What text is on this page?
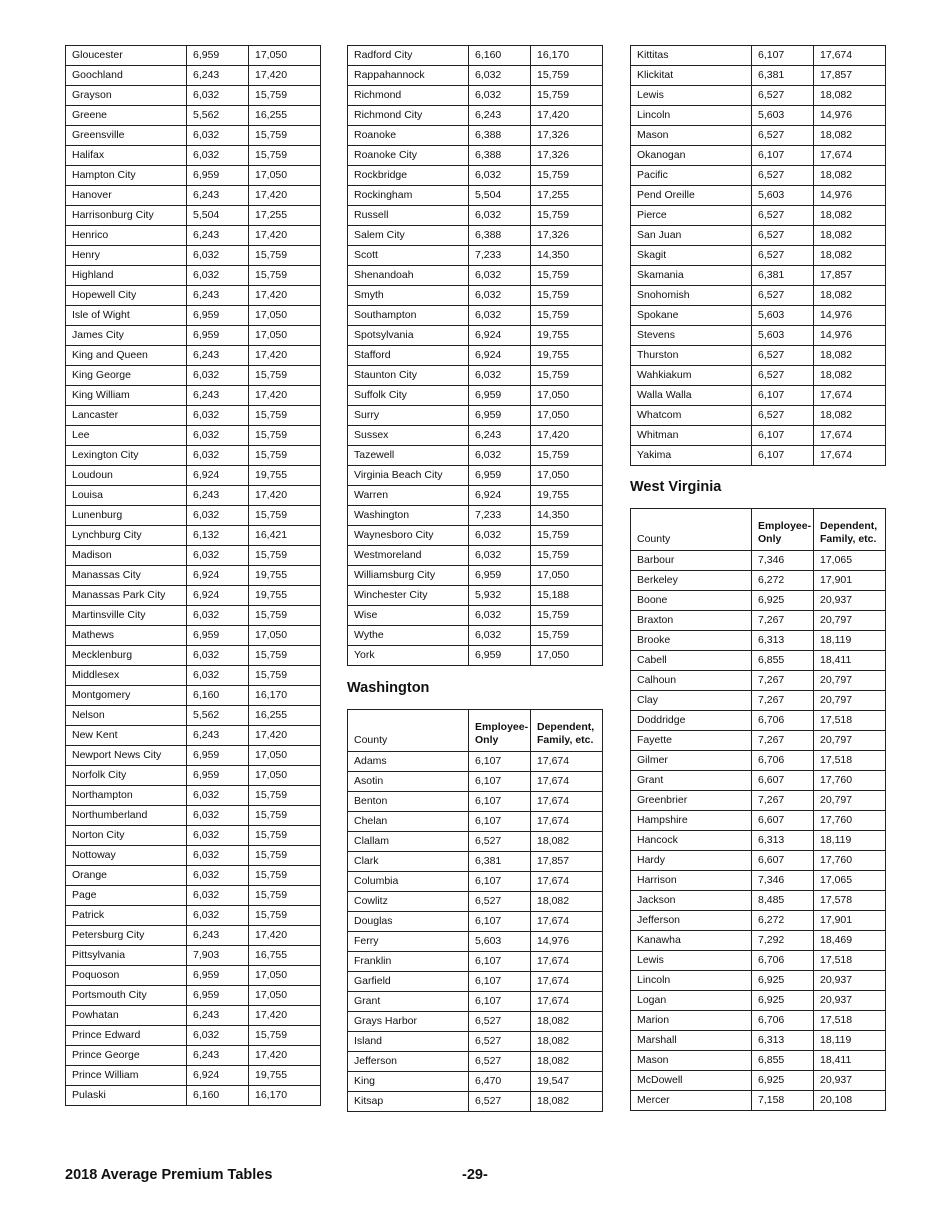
Gloucester	6,959	17,050
Goochland	6,243	17,420
Grayson	6,032	15,759
Greene	5,562	16,255
Greensville	6,032	15,759
Halifax	6,032	15,759
Hampton City	6,959	17,050
Hanover	6,243	17,420
Harrisonburg City	5,504	17,255
Henrico	6,243	17,420
Henry	6,032	15,759
Highland	6,032	15,759
Hopewell City	6,243	17,420
Isle of Wight	6,959	17,050
James City	6,959	17,050
King and Queen	6,243	17,420
King George	6,032	15,759
King William	6,243	17,420
Lancaster	6,032	15,759
Lee	6,032	15,759
Lexington City	6,032	15,759
Loudoun	6,924	19,755
Louisa	6,243	17,420
Lunenburg	6,032	15,759
Lynchburg City	6,132	16,421
Madison	6,032	15,759
Manassas City	6,924	19,755
Manassas Park City	6,924	19,755
Martinsville City	6,032	15,759
Mathews	6,959	17,050
Mecklenburg	6,032	15,759
Middlesex	6,032	15,759
Montgomery	6,160	16,170
Nelson	5,562	16,255
New Kent	6,243	17,420
Newport News City	6,959	17,050
Norfolk City	6,959	17,050
Northampton	6,032	15,759
Northumberland	6,032	15,759
Norton City	6,032	15,759
Nottoway	6,032	15,759
Orange	6,032	15,759
Page	6,032	15,759
Patrick	6,032	15,759
Petersburg City	6,243	17,420
Pittsylvania	7,903	16,755
Poquoson	6,959	17,050
Portsmouth City	6,959	17,050
Powhatan	6,243	17,420
Prince Edward	6,032	15,759
Prince George	6,243	17,420
Prince William	6,924	19,755
Pulaski	6,160	16,170
Radford City	6,160	16,170
Rappahannock	6,032	15,759
Richmond	6,032	15,759
Richmond City	6,243	17,420
Roanoke	6,388	17,326
Roanoke City	6,388	17,326
Rockbridge	6,032	15,759
Rockingham	5,504	17,255
Russell	6,032	15,759
Salem City	6,388	17,326
Scott	7,233	14,350
Shenandoah	6,032	15,759
Smyth	6,032	15,759
Southampton	6,032	15,759
Spotsylvania	6,924	19,755
Stafford	6,924	19,755
Staunton City	6,032	15,759
Suffolk City	6,959	17,050
Surry	6,959	17,050
Sussex	6,243	17,420
Tazewell	6,032	15,759
Virginia Beach City	6,959	17,050
Warren	6,924	19,755
Washington	7,233	14,350
Waynesboro City	6,032	15,759
Westmoreland	6,032	15,759
Williamsburg City	6,959	17,050
Winchester City	5,932	15,188
Wise	6,032	15,759
Wythe	6,032	15,759
York	6,959	17,050
Washington
County	Employee-Only	Dependent, Family, etc.
Adams	6,107	17,674
Asotin	6,107	17,674
Benton	6,107	17,674
Chelan	6,107	17,674
Clallam	6,527	18,082
Clark	6,381	17,857
Columbia	6,107	17,674
Cowlitz	6,527	18,082
Douglas	6,107	17,674
Ferry	5,603	14,976
Franklin	6,107	17,674
Garfield	6,107	17,674
Grant	6,107	17,674
Grays Harbor	6,527	18,082
Island	6,527	18,082
Jefferson	6,527	18,082
King	6,470	19,547
Kitsap	6,527	18,082
Kittitas	6,107	17,674
Klickitat	6,381	17,857
Lewis	6,527	18,082
Lincoln	5,603	14,976
Mason	6,527	18,082
Okanogan	6,107	17,674
Pacific	6,527	18,082
Pend Oreille	5,603	14,976
Pierce	6,527	18,082
San Juan	6,527	18,082
Skagit	6,527	18,082
Skamania	6,381	17,857
Snohomish	6,527	18,082
Spokane	5,603	14,976
Stevens	5,603	14,976
Thurston	6,527	18,082
Wahkiakum	6,527	18,082
Walla Walla	6,107	17,674
Whatcom	6,527	18,082
Whitman	6,107	17,674
Yakima	6,107	17,674
West Virginia
County	Employee-Only	Dependent, Family, etc.
Barbour	7,346	17,065
Berkeley	6,272	17,901
Boone	6,925	20,937
Braxton	7,267	20,797
Brooke	6,313	18,119
Cabell	6,855	18,411
Calhoun	7,267	20,797
Clay	7,267	20,797
Doddridge	6,706	17,518
Fayette	7,267	20,797
Gilmer	6,706	17,518
Grant	6,607	17,760
Greenbrier	7,267	20,797
Hampshire	6,607	17,760
Hancock	6,313	18,119
Hardy	6,607	17,760
Harrison	7,346	17,065
Jackson	8,485	17,578
Jefferson	6,272	17,901
Kanawha	7,292	18,469
Lewis	6,706	17,518
Lincoln	6,925	20,937
Logan	6,925	20,937
Marion	6,706	17,518
Marshall	6,313	18,119
Mason	6,855	18,411
McDowell	6,925	20,937
Mercer	7,158	20,108
2018 Average Premium Tables	-29-
